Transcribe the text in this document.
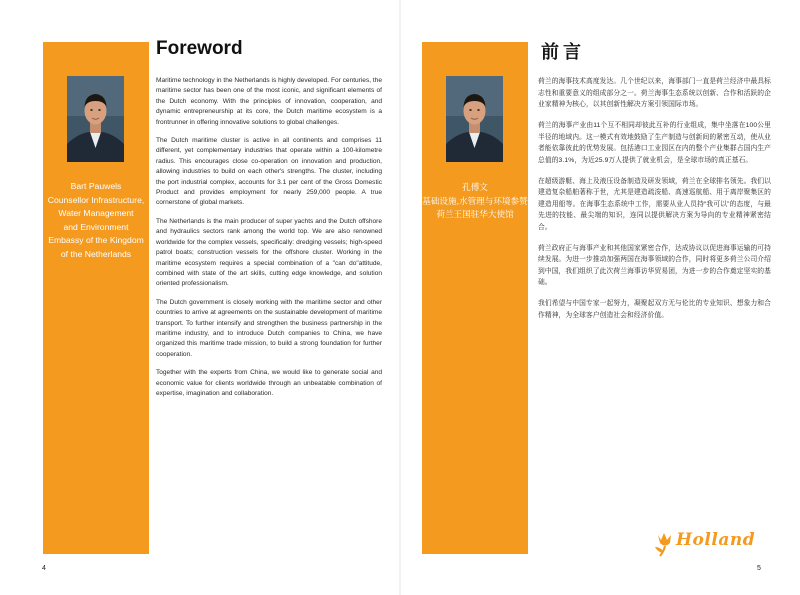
Bart Pauwels
Counsellor Infrastructure,
Water Management
and Environment
Embassy of the Kingdom
of the Netherlands
Foreword

Maritime technology in the Netherlands is highly developed. For centuries, the maritime sector has been one of the most iconic, and significant elements of the Dutch economy. With the principles of innovation, cooperation, and dynamic entrepreneurship at its core, the Dutch maritime ecosystem is a frontrunner in offering innovative solutions to global challenges.

The Dutch maritime cluster is active in all continents and comprises 11 different, yet complementary industries that operate within a 100-kilometre radius. This encourages close co-operation on innovation and production, allowing industries to build on each other's strengths. The cluster, including the port industrial complex, accounts for 3.1 per cent of the Gross Domestic Product and provides employment for nearly 259,000 people. A true cornerstone of global markets.

The Netherlands is the main producer of super yachts and the Dutch offshore and hydraulics sectors rank among the world top. We are also renowned worldwide for the complex vessels, specifically: dredging vessels; high-speed patrol boats; construction vessels for the offshore cluster. Working in the maritime ecosystem requires a special combination of a "can do"attitude, combined with state of the art skills, cutting edge knowledge, and solution oriented professionalism.

The Dutch government is closely working with the maritime sector and other countries to arrive at agreements on the sustainable development of maritime transport. To further intensify and strengthen the business partnership in the maritime industry, and to introduce Dutch companies to China, we have organized this maritime trade mission, to build a strong foundation for further cooperation.

Together with the experts from China, we would like to generate social and economic value for clients worldwide through an unbeatable combination of expertise, imagination and collaboration.

4
孔傅文
基础设施,水管理与环境参赞
荷兰王国驻华大使馆
前言

荷兰的海事技术高度发达。几个世纪以来，海事部门一直是荷兰经济中最具标志性和重要意义的组成部分之一。荷兰海事生态系统以创新、合作和活跃的企业家精神为核心，以其创新性解决方案引领国际市场。

荷兰的海事产业由11个互不相同却彼此互补的行业组成，集中坐落在100公里半径的地域内。这一模式有效地鼓励了生产制造与创新间的紧密互动，使从业者能依靠彼此的优势发展。包括港口工业园区在内的整个产业集群占国内生产总值的3.1%，为近25.9万人提供了就业机会，是全球市场的真正基石。

在超级游艇、海上及液压设备制造及研发领域，荷兰在全球排名领先。我们以建造复杂船舶著称于世，尤其是建造疏浚船、高速巡航船、用于离岸聚集区的建造用船等。在海事生态系统中工作，需要从业人员持“我可以”的态度，与最先进的技能、最尖端的知识，连同以提供解决方案为导向的专业精神紧密结合。

荷兰政府正与海事产业和其他国家紧密合作，达成协议以促进海事运输的可持续发展。为进一步推动加强两国在海事领域的合作，同时将更多荷兰公司介绍到中国，我们组织了此次荷兰海事访华贸易团，为进一步的合作奠定坚实的基础。

我们希望与中国专家一起努力，凝聚起双方无与伦比的专业知识、想象力和合作精神，为全球客户创造社会和经济价值。

Holland
5
